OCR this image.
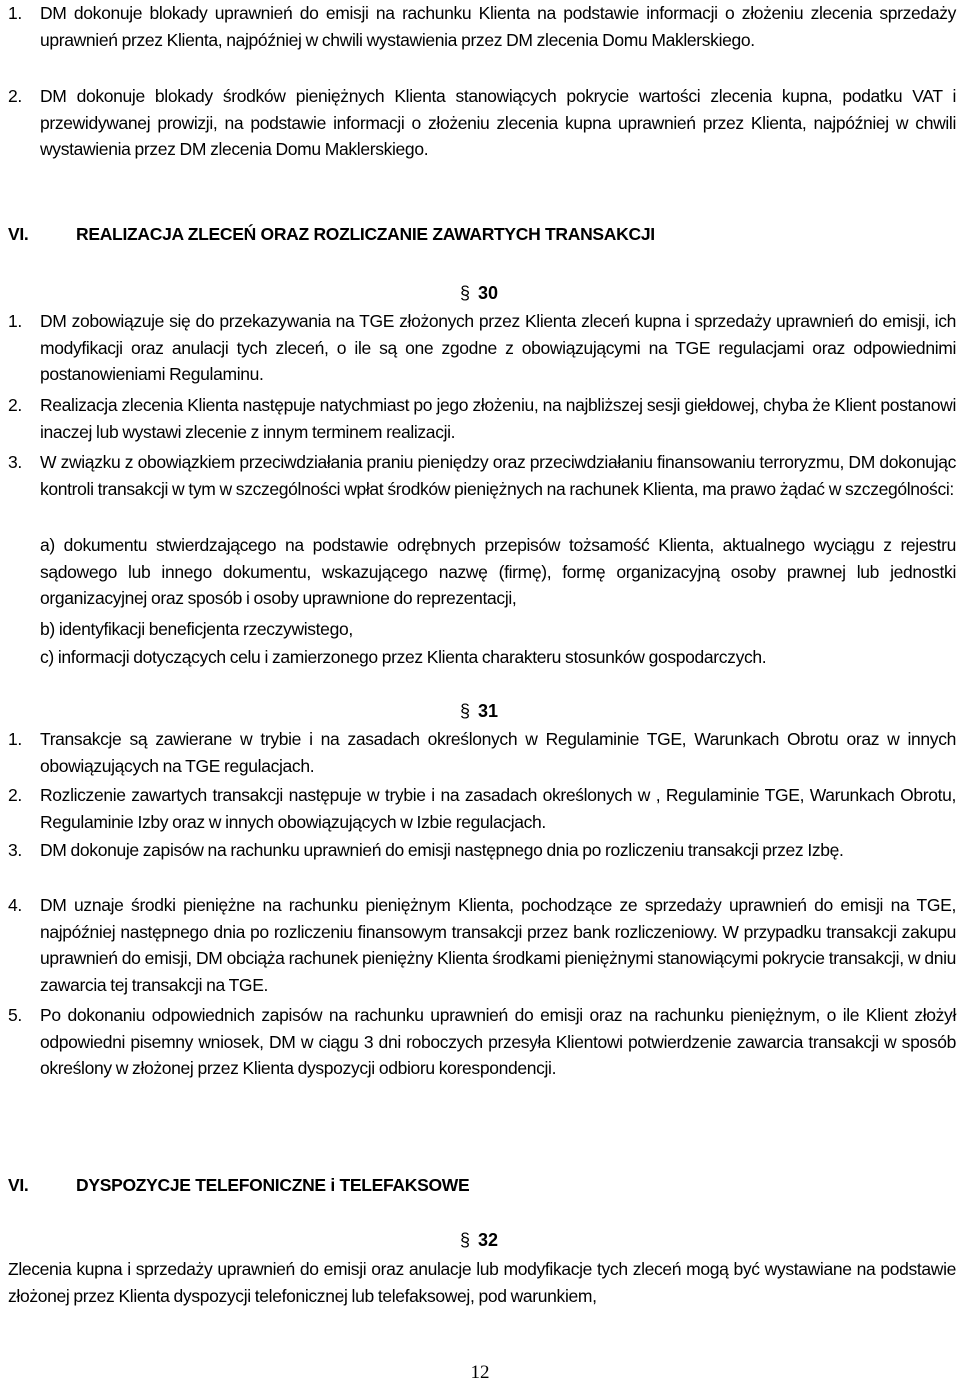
1. DM dokonuje blokady uprawnień do emisji na rachunku Klienta na podstawie informacji o złożeniu zlecenia sprzedaży uprawnień przez Klienta, najpóźniej w chwili wystawienia przez DM zlecenia Domu Maklerskiego.
2. DM dokonuje blokady środków pieniężnych Klienta stanowiących pokrycie wartości zlecenia kupna, podatku VAT i przewidywanej prowizji, na podstawie informacji o złożeniu zlecenia kupna uprawnień przez Klienta, najpóźniej w chwili wystawienia przez DM zlecenia Domu Maklerskiego.
VI.	REALIZACJA ZLECEŃ ORAZ ROZLICZANIE ZAWARTYCH TRANSAKCJI
§ 30
1. DM zobowiązuje się do przekazywania na TGE złożonych przez Klienta zleceń kupna i sprzedaży uprawnień do emisji, ich modyfikacji oraz anulacji tych zleceń, o ile są one zgodne z obowiązującymi na TGE regulacjami oraz odpowiednimi postanowieniami Regulaminu.
2. Realizacja zlecenia Klienta następuje natychmiast po jego złożeniu, na najbliższej sesji giełdowej, chyba że Klient postanowi inaczej lub wystawi zlecenie z innym terminem realizacji.
3. W związku z obowiązkiem przeciwdziałania praniu pieniędzy oraz przeciwdziałaniu finansowaniu terroryzmu, DM dokonując kontroli transakcji w tym w szczególności wpłat środków pieniężnych na rachunek Klienta, ma prawo żądać w szczególności:
a) dokumentu stwierdzającego na podstawie odrębnych przepisów tożsamość Klienta, aktualnego wyciągu z rejestru sądowego lub innego dokumentu, wskazującego nazwę (firmę), formę organizacyjną osoby prawnej lub jednostki organizacyjnej oraz sposób i osoby uprawnione do reprezentacji,
b) identyfikacji beneficjenta rzeczywistego,
c) informacji dotyczących celu i zamierzonego przez Klienta charakteru stosunków gospodarczych.
§ 31
1. Transakcje są zawierane w trybie i na zasadach określonych w Regulaminie TGE, Warunkach Obrotu oraz w innych obowiązujących na TGE regulacjach.
2. Rozliczenie zawartych transakcji następuje w trybie i na zasadach określonych w , Regulaminie TGE, Warunkach Obrotu, Regulaminie Izby oraz w innych obowiązujących w Izbie regulacjach.
3. DM dokonuje zapisów na rachunku uprawnień do emisji następnego dnia po rozliczeniu transakcji przez Izbę.
4. DM uznaje środki pieniężne na rachunku pieniężnym Klienta, pochodzące ze sprzedaży uprawnień do emisji na TGE, najpóźniej następnego dnia po rozliczeniu finansowym transakcji przez bank rozliczeniowy. W przypadku transakcji zakupu uprawnień do emisji, DM obciąża rachunek pieniężny Klienta środkami pieniężnymi stanowiącymi pokrycie transakcji, w dniu zawarcia tej transakcji na TGE.
5. Po dokonaniu odpowiednich zapisów na rachunku uprawnień do emisji oraz na rachunku pieniężnym, o ile Klient złożył odpowiedni pisemny wniosek, DM w ciągu 3 dni roboczych przesyła Klientowi potwierdzenie zawarcia transakcji w sposób określony w złożonej przez Klienta dyspozycji odbioru korespondencji.
VI.	DYSPOZYCJE TELEFONICZNE i TELEFAKSOWE
§ 32
Zlecenia kupna i sprzedaży uprawnień do emisji oraz anulacje lub modyfikacje tych zleceń mogą być wystawiane na podstawie złożonej przez Klienta dyspozycji telefonicznej lub telefaksowej, pod warunkiem,
12
